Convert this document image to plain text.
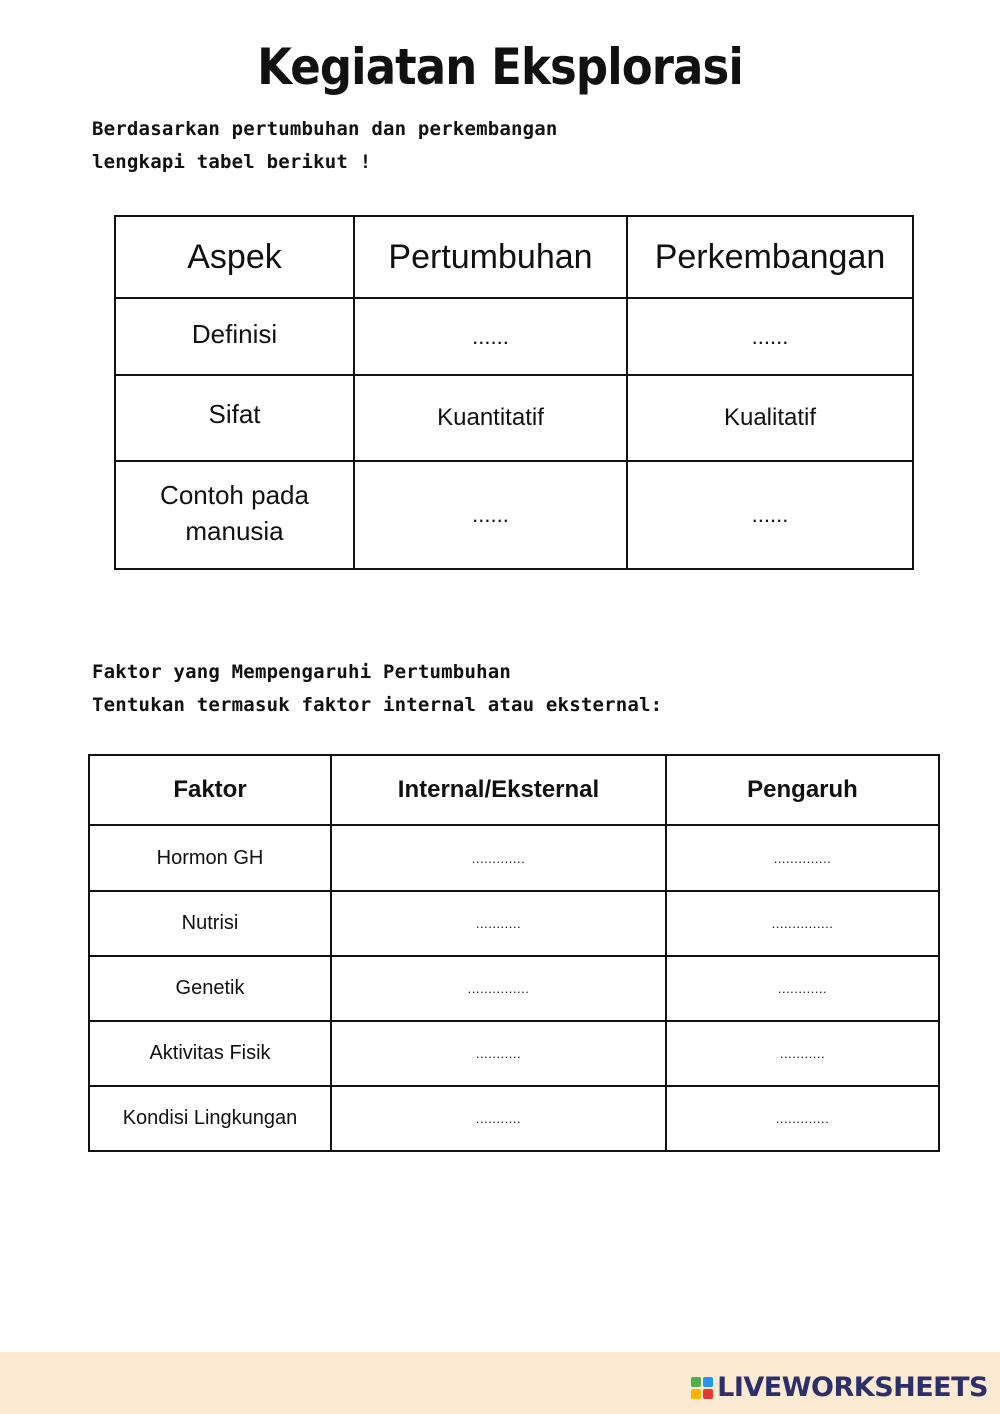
Kegiatan Eksplorasi
Berdasarkan pertumbuhan dan perkembangan
lengkapi tabel berikut !
Aspek	Pertumbuhan	Perkembangan
Definisi	......	......
Sifat	Kuantitatif	Kualitatif
Contoh pada manusia	......	......
Faktor yang Mempengaruhi Pertumbuhan
Tentukan termasuk faktor internal atau eksternal:
Faktor	Internal/Eksternal	Pengaruh
Hormon GH	.............	..............
Nutrisi	...........	...............
Genetik	...............	............
Aktivitas Fisik	...........	...........
Kondisi Lingkungan	...........	.............
LIVEWORKSHEETS
